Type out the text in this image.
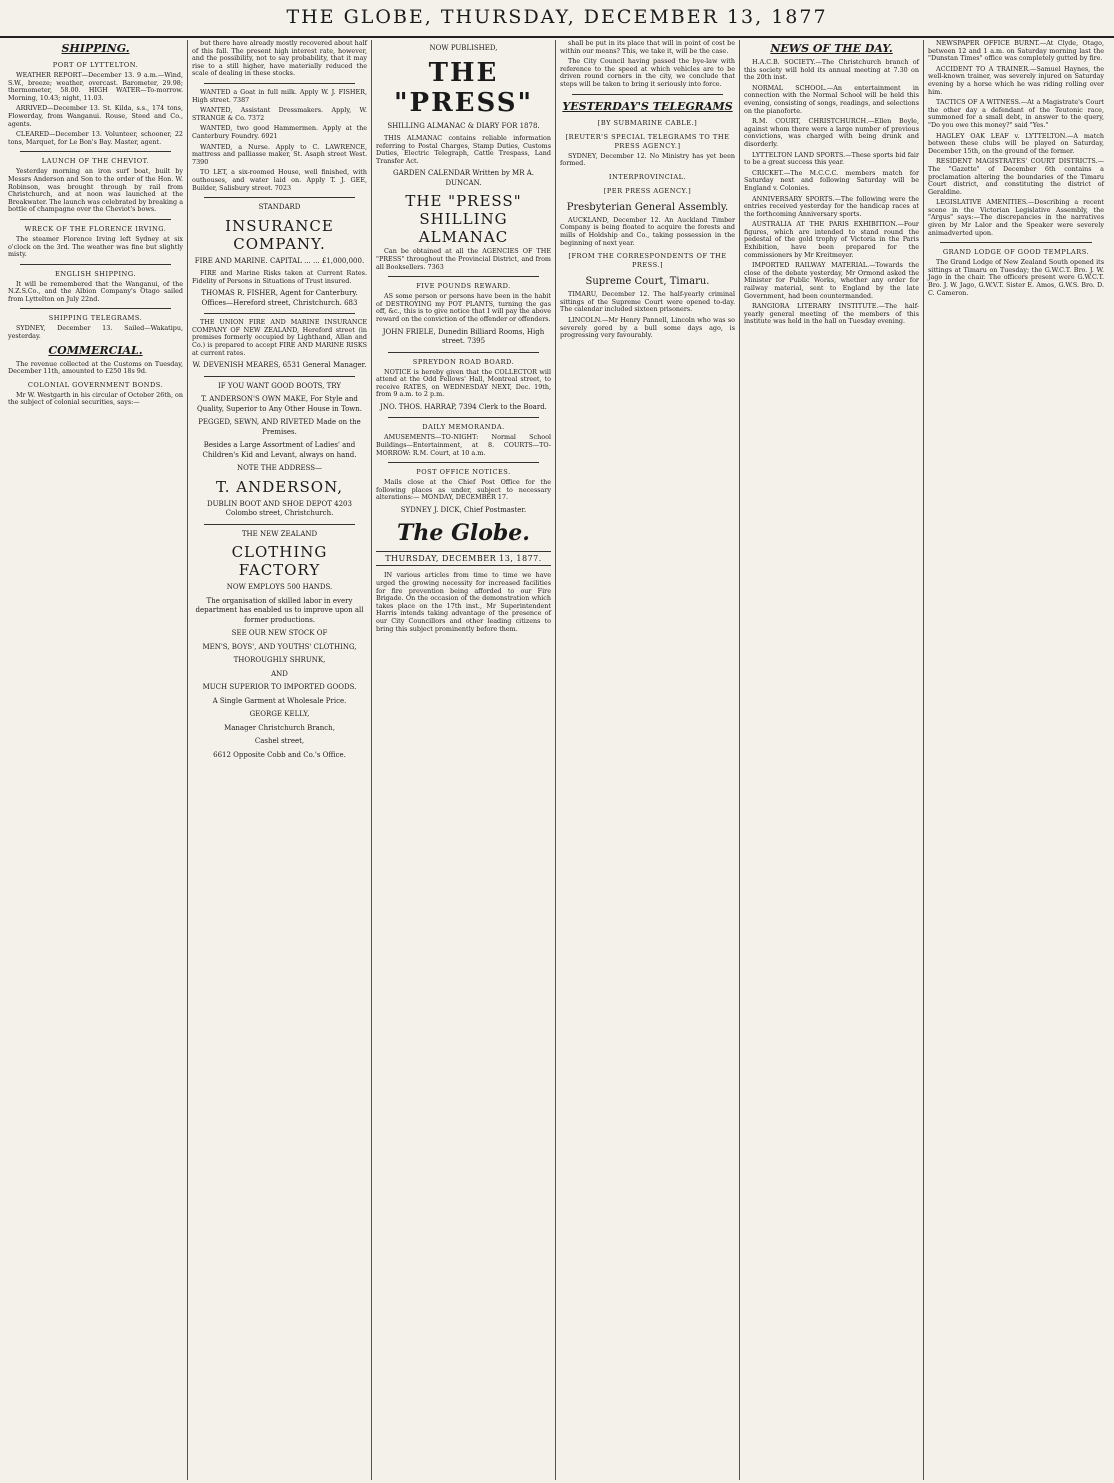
THE GLOBE, THURSDAY, DECEMBER 13, 1877
SHIPPING.
PORT OF LYTTELTON.

WEATHER REPORT—December 13. 9 a.m.—Wind, S.W., breeze; weather, overcast. Barometer, 29.98; thermometer, 58.00. HIGH WATER—To-morrow. Morning, 10.43; night, 11.03.

ARRIVED—December 13. St. Kilda, s.s., 174 tons, Flowerday, from Wanganui. Rouse, Steed and Co., agents.

CLEARED—December 13. Volunteer, schooner, 22 tons, Marquet, for Le Bon's Bay. Master, agent.

LAUNCH OF THE CHEVIOT.

Yesterday morning an iron surf boat, built by Messrs Anderson and Son to the order of the Hon. W. Robinson, was brought through by rail from Christchurch, and at noon was launched at the Breakwater. The launch was celebrated by breaking a bottle of champagne over the Cheviot's bows.

WRECK OF THE FLORENCE IRVING.

The steamer Florence Irving left Sydney at six o'clock on the 3rd. The weather was fine but slightly misty.

ENGLISH SHIPPING.

It will be remembered that the Wanganui, of the N.Z.S.Co., and the Albion Company's Otago sailed from Lyttelton on July 22nd.

SHIPPING TELEGRAMS.

SYDNEY, December 13. Sailed—Wakatipu, yesterday.

COMMERCIAL.

The revenue collected at the Customs on Tuesday, December 11th, amounted to £250 18s 9d.

COLONIAL GOVERNMENT BONDS.

Mr W. Westgarth in his circular of October 26th, on the subject of colonial securities, says:—

but there have already mostly recovered about half of this fall. The present high interest rate, however, and the possibility, not to say probability, that it may rise to a still higher, have materially reduced the scale of dealing in these stocks.

WANTED a Goat in full milk. Apply W. J. FISHER, High street. 7387

WANTED, Assistant Dressmakers. Apply, W. STRANGE & Co. 7372

WANTED, two good Hammermen. Apply at the Canterbury Foundry. 6921

WANTED, a Nurse. Apply to C. LAWRENCE, mattress and palliasse maker, St. Asaph street West. 7390

TO LET, a six-roomed House, well finished, with outhouses, and water laid on. Apply T. J. GEE, Builder, Salisbury street. 7023

STANDARD
INSURANCE COMPANY.
FIRE AND MARINE. CAPITAL ... ... £1,000,000.

FIRE and Marine Risks taken at Current Rates. Fidelity of Persons in Situations of Trust insured.

THOMAS R. FISHER, Agent for Canterbury. Offices—Hereford street, Christchurch. 683

THE UNION FIRE AND MARINE INSURANCE COMPANY OF NEW ZEALAND, Hereford street (in premises formerly occupied by Lighthand, Allan and Co.) is prepared to accept FIRE AND MARINE RISKS at current rates.

W. DEVENISH MEARES, 6531 General Manager.
IF YOU WANT GOOD BOOTS, TRY
T. ANDERSON'S OWN MAKE, For Style and Quality, Superior to Any Other House in Town.
PEGGED, SEWN, AND RIVETED Made on the Premises.
Besides a Large Assortment of Ladies' and Children's Kid and Levant, always on hand.
NOTE THE ADDRESS—
T. ANDERSON,
DUBLIN BOOT AND SHOE DEPOT 4203 Colombo street, Christchurch.
THE NEW ZEALAND
CLOTHING FACTORY
NOW EMPLOYS 500 HANDS.
The organisation of skilled labor in every department has enabled us to improve upon all former productions.
SEE OUR NEW STOCK OF
MEN'S, BOYS', AND YOUTHS' CLOTHING,
THOROUGHLY SHRUNK,
AND
MUCH SUPERIOR TO IMPORTED GOODS.
A Single Garment at Wholesale Price.
GEORGE KELLY,
Manager Christchurch Branch,
Cashel street,
6612 Opposite Cobb and Co.'s Office.
NOW PUBLISHED,
THE "PRESS"
SHILLING ALMANAC & DIARY FOR 1878.

THIS ALMANAC contains reliable information referring to Postal Charges, Stamp Duties, Customs Duties, Electric Telegraph, Cattle Trespass, Land Transfer Act.

GARDEN CALENDAR Written by MR A. DUNCAN.
THE "PRESS" SHILLING ALMANAC

Can be obtained at all the AGENCIES OF THE "PRESS" throughout the Provincial District, and from all Booksellers. 7363

FIVE POUNDS REWARD.

AS some person or persons have been in the habit of DESTROYING my POT PLANTS, turning the gas off, &c., this is to give notice that I will pay the above reward on the conviction of the offender or offenders.

JOHN FRIELE, Dunedin Billiard Rooms, High street. 7395
SPREYDON ROAD BOARD.

NOTICE is hereby given that the COLLECTOR will attend at the Odd Fellows' Hall, Montreal street, to receive RATES, on WEDNESDAY NEXT, Dec. 19th, from 9 a.m. to 2 p.m.

JNO. THOS. HARRAP, 7394 Clerk to the Board.
DAILY MEMORANDA.

AMUSEMENTS—TO-NIGHT: Normal School Buildings—Entertainment, at 8. COURTS—TO-MORROW: R.M. Court, at 10 a.m.

POST OFFICE NOTICES.

Mails close at the Chief Post Office for the following places as under, subject to necessary alterations:— MONDAY, DECEMBER 17.

SYDNEY J. DICK, Chief Postmaster.
The Globe.
THURSDAY, DECEMBER 13, 1877.

IN various articles from time to time we have urged the growing necessity for increased facilities for fire prevention being afforded to our Fire Brigade. On the occasion of the demonstration which takes place on the 17th inst., Mr Superintendent Harris intends taking advantage of the presence of our City Councillors and other leading citizens to bring this subject prominently before them.

shall be put in its place that will in point of cost be within our means? This, we take it, will be the case.

The City Council having passed the bye-law with reference to the speed at which vehicles are to be driven round corners in the city, we conclude that steps will be taken to bring it seriously into force.

YESTERDAY'S TELEGRAMS
[BY SUBMARINE CABLE.]
[REUTER'S SPECIAL TELEGRAMS TO THE PRESS AGENCY.]

SYDNEY, December 12. No Ministry has yet been formed.

INTERPROVINCIAL.
[PER PRESS AGENCY.]
Presbyterian General Assembly.

AUCKLAND, December 12. An Auckland Timber Company is being floated to acquire the forests and mills of Holdship and Co., taking possession in the beginning of next year.

[FROM THE CORRESPONDENTS OF THE PRESS.]
Supreme Court, Timaru.

TIMARU, December 12. The half-yearly criminal sittings of the Supreme Court were opened to-day. The calendar included sixteen prisoners.

LINCOLN.—Mr Henry Pannell, Lincoln who was so severely gored by a bull some days ago, is progressing very favourably.

NEWS OF THE DAY.

H.A.C.B. SOCIETY.—The Christchurch branch of this society will hold its annual meeting at 7.30 on the 20th inst.

NORMAL SCHOOL.—An entertainment in connection with the Normal School will be held this evening, consisting of songs, readings, and selections on the pianoforte.

R.M. COURT, CHRISTCHURCH.—Ellen Boyle, against whom there were a large number of previous convictions, was charged with being drunk and disorderly.

LYTTELTON LAND SPORTS.—These sports bid fair to be a great success this year.

CRICKET.—The M.C.C.C. members match for Saturday next and following Saturday will be England v. Colonies.

ANNIVERSARY SPORTS.—The following were the entries received yesterday for the handicap races at the forthcoming Anniversary sports.

AUSTRALIA AT THE PARIS EXHIBITION.—Four figures, which are intended to stand round the pedestal of the gold trophy of Victoria in the Paris Exhibition, have been prepared for the commissioners by Mr Kreitmeyer.

IMPORTED RAILWAY MATERIAL.—Towards the close of the debate yesterday, Mr Ormond asked the Minister for Public Works, whether any order for railway material, sent to England by the late Government, had been countermanded.

RANGIORA LITERARY INSTITUTE.—The half-yearly general meeting of the members of this institute was held in the hall on Tuesday evening.

NEWSPAPER OFFICE BURNT.—At Clyde, Otago, between 12 and 1 a.m. on Saturday morning last the "Dunstan Times" office was completely gutted by fire.

ACCIDENT TO A TRAINER.—Samuel Haynes, the well-known trainer, was severely injured on Saturday evening by a horse which he was riding rolling over him.

TACTICS OF A WITNESS.—At a Magistrate's Court the other day a defendant of the Teutonic race, summoned for a small debt, in answer to the query, "Do you owe this money?" said "Yes."

HAGLEY OAK LEAF v. LYTTELTON.—A match between these clubs will be played on Saturday, December 15th, on the ground of the former.

RESIDENT MAGISTRATES' COURT DISTRICTS.—The "Gazette" of December 6th contains a proclamation altering the boundaries of the Timaru Court district, and constituting the district of Geraldine.

LEGISLATIVE AMENITIES.—Describing a recent scene in the Victorian Legislative Assembly, the "Argus" says:—The discrepancies in the narratives given by Mr Lalor and the Speaker were severely animadverted upon.

GRAND LODGE OF GOOD TEMPLARS.

The Grand Lodge of New Zealand South opened its sittings at Timaru on Tuesday; the G.W.C.T. Bro. J. W. Jago in the chair. The officers present were G.W.C.T. Bro. J. W. Jago, G.W.V.T. Sister E. Amos, G.W.S. Bro. D. C. Cameron.
